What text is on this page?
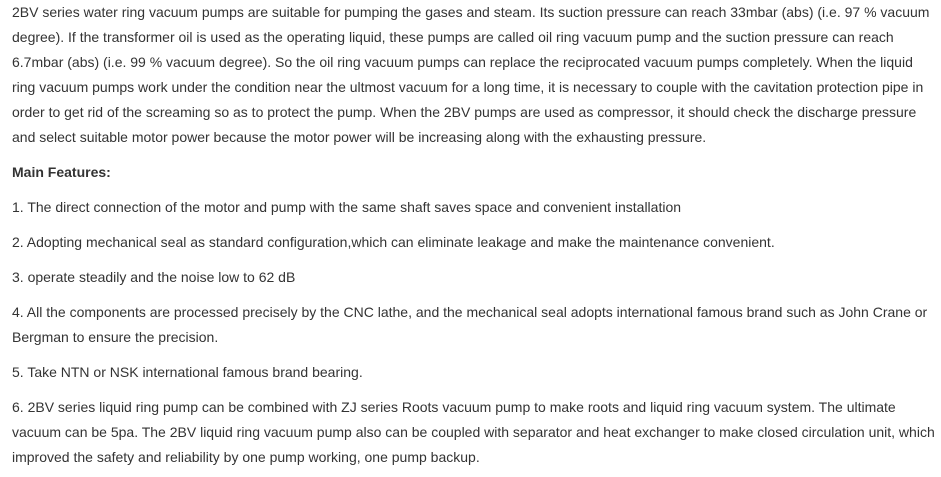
2BV series water ring vacuum pumps are suitable for pumping the gases and steam. Its suction pressure can reach 33mbar (abs) (i.e. 97 % vacuum degree). If the transformer oil is used as the operating liquid, these pumps are called oil ring vacuum pump and the suction pressure can reach 6.7mbar (abs) (i.e. 99 % vacuum degree). So the oil ring vacuum pumps can replace the reciprocated vacuum pumps completely. When the liquid ring vacuum pumps work under the condition near the ultmost vacuum for a long time, it is necessary to couple with the cavitation protection pipe in order to get rid of the screaming so as to protect the pump. When the 2BV pumps are used as compressor, it should check the discharge pressure and select suitable motor power because the motor power will be increasing along with the exhausting pressure.

Main Features:

1. The direct connection of the motor and pump with the same shaft saves space and convenient installation

2. Adopting mechanical seal as standard configuration,which can eliminate leakage and make the maintenance convenient.

3. operate steadily and the noise low to 62 dB

4. All the components are processed precisely by the CNC lathe, and the mechanical seal adopts international famous brand such as John Crane or Bergman to ensure the precision.

5. Take NTN or NSK international famous brand bearing.

6. 2BV series liquid ring pump can be combined with ZJ series Roots vacuum pump to make roots and liquid ring vacuum system. The ultimate vacuum can be 5pa. The 2BV liquid ring vacuum pump also can be coupled with separator and heat exchanger to make closed circulation unit, which improved the safety and reliability by one pump working, one pump backup.
